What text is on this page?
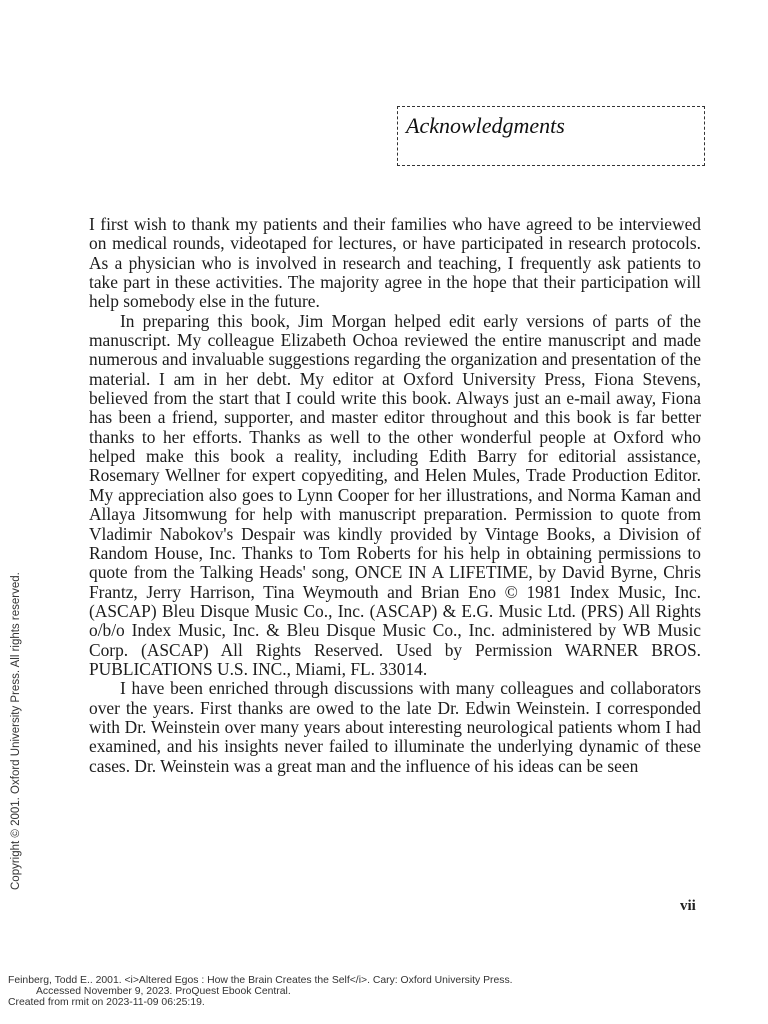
Acknowledgments

I first wish to thank my patients and their families who have agreed to be interviewed on medical rounds, videotaped for lectures, or have participated in research protocols. As a physician who is involved in research and teaching, I frequently ask patients to take part in these activities. The majority agree in the hope that their participation will help somebody else in the future.

In preparing this book, Jim Morgan helped edit early versions of parts of the manuscript. My colleague Elizabeth Ochoa reviewed the entire manuscript and made numerous and invaluable suggestions regarding the organization and presentation of the material. I am in her debt. My editor at Oxford University Press, Fiona Stevens, believed from the start that I could write this book. Always just an e-mail away, Fiona has been a friend, supporter, and master editor throughout and this book is far better thanks to her efforts. Thanks as well to the other wonderful people at Oxford who helped make this book a reality, including Edith Barry for editorial assistance, Rosemary Wellner for expert copyediting, and Helen Mules, Trade Production Editor. My appreciation also goes to Lynn Cooper for her illustrations, and Norma Kaman and Allaya Jitsomwung for help with manuscript preparation. Permission to quote from Vladimir Nabokov's Despair was kindly provided by Vintage Books, a Division of Random House, Inc. Thanks to Tom Roberts for his help in obtaining permissions to quote from the Talking Heads' song, ONCE IN A LIFETIME, by David Byrne, Chris Frantz, Jerry Harrison, Tina Weymouth and Brian Eno © 1981 Index Music, Inc. (ASCAP) Bleu Disque Music Co., Inc. (ASCAP) & E.G. Music Ltd. (PRS) All Rights o/b/o Index Music, Inc. & Bleu Disque Music Co., Inc. administered by WB Music Corp. (ASCAP) All Rights Reserved. Used by Permission WARNER BROS. PUBLICATIONS U.S. INC., Miami, FL. 33014.

I have been enriched through discussions with many colleagues and collaborators over the years. First thanks are owed to the late Dr. Edwin Weinstein. I corresponded with Dr. Weinstein over many years about interesting neurological patients whom I had examined, and his insights never failed to illuminate the underlying dynamic of these cases. Dr. Weinstein was a great man and the influence of his ideas can be seen

vii
Copyright © 2001. Oxford University Press. All rights reserved.
Feinberg, Todd E.. 2001. <i>Altered Egos : How the Brain Creates the Self</i>. Cary: Oxford University Press.
Accessed November 9, 2023. ProQuest Ebook Central.
Created from rmit on 2023-11-09 06:25:19.
